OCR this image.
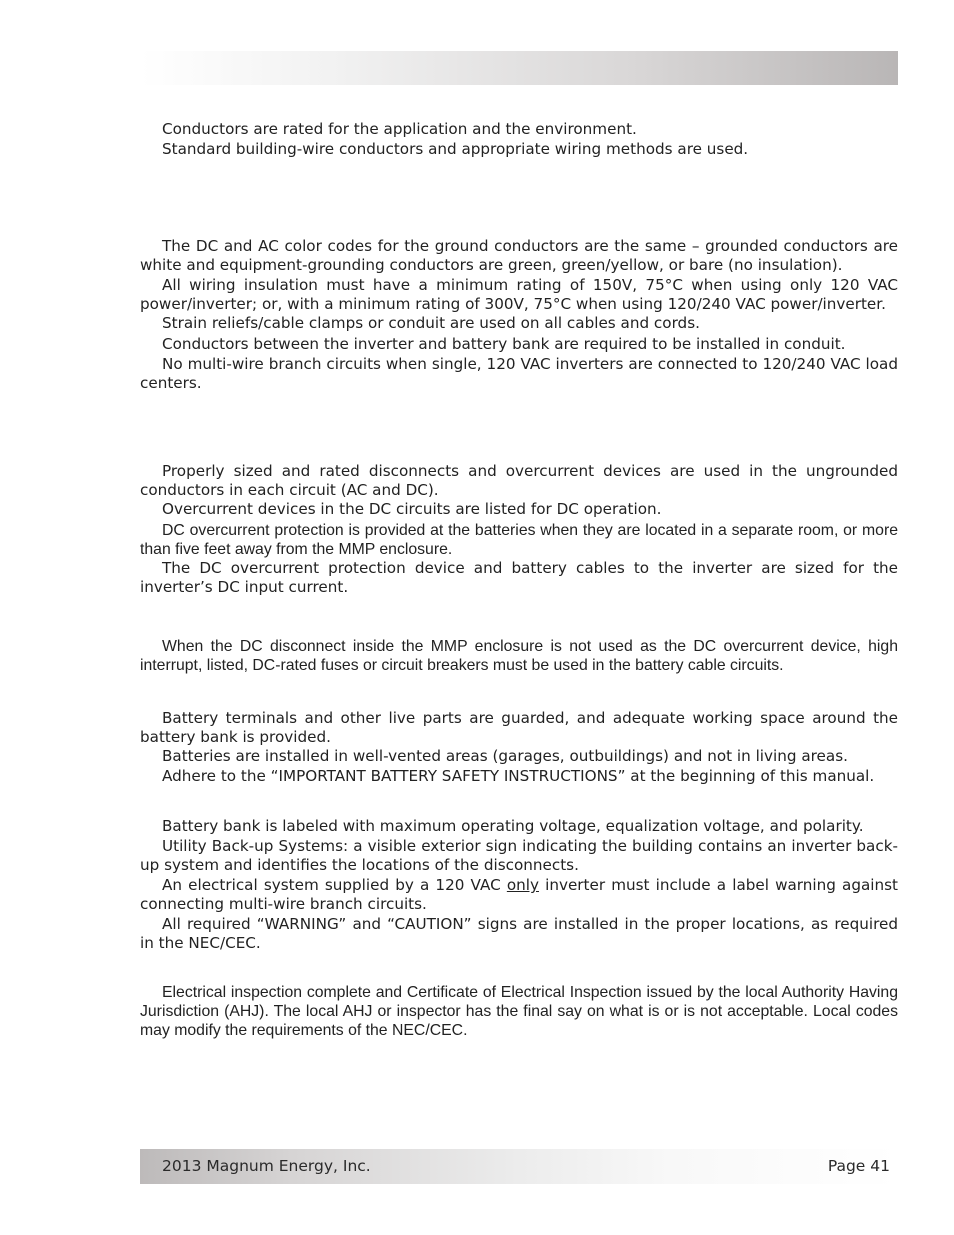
Conductors are rated for the application and the environment.

Standard building-wire conductors and appropriate wiring methods are used.

The DC and AC color codes for the ground conductors are the same – grounded conductors are white and equipment-grounding conductors are green, green/yellow, or bare (no insulation).

All wiring insulation must have a minimum rating of 150V, 75°C when using only 120 VAC power/inverter; or, with a minimum rating of 300V, 75°C when using 120/240 VAC power/inverter.

Strain reliefs/cable clamps or conduit are used on all cables and cords.

Conductors between the inverter and battery bank are required to be installed in conduit.

No multi-wire branch circuits when single, 120 VAC inverters are connected to 120/240 VAC load centers.

Properly sized and rated disconnects and overcurrent devices are used in the ungrounded conductors in each circuit (AC and DC).

Overcurrent devices in the DC circuits are listed for DC operation.

DC overcurrent protection is provided at the batteries when they are located in a separate room, or more than five feet away from the MMP enclosure.

The DC overcurrent protection device and battery cables to the inverter are sized for the inverter’s DC input current.

When the DC disconnect inside the MMP enclosure is not used as the DC overcurrent device, high interrupt, listed, DC-rated fuses or circuit breakers must be used in the battery cable circuits.

Battery terminals and other live parts are guarded, and adequate working space around the battery bank is provided.

Batteries are installed in well-vented areas (garages, outbuildings) and not in living areas.

Adhere to the “IMPORTANT BATTERY SAFETY INSTRUCTIONS” at the beginning of this manual.

Battery bank is labeled with maximum operating voltage, equalization voltage, and polarity.

Utility Back-up Systems: a visible exterior sign indicating the building contains an inverter back-up system and identifies the locations of the disconnects.

An electrical system supplied by a 120 VAC only inverter must include a label warning against connecting multi-wire branch circuits.

All required “WARNING” and “CAUTION” signs are installed in the proper locations, as required in the NEC/CEC.

Electrical inspection complete and Certificate of Electrical Inspection issued by the local Authority Having Jurisdiction (AHJ). The local AHJ or inspector has the final say on what is or is not acceptable. Local codes may modify the requirements of the NEC/CEC.

2013 Magnum Energy, Inc.	Page 41
